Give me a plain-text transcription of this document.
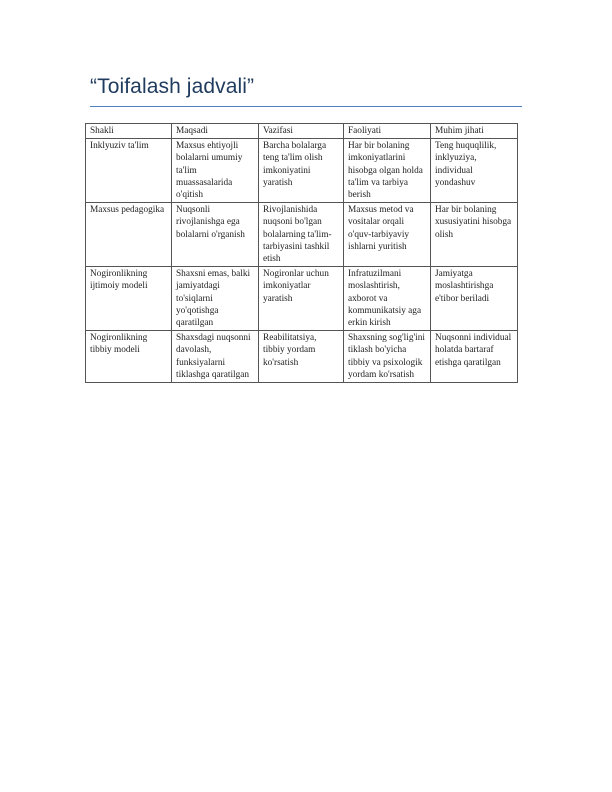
“Toifalash jadvali”
Shakli	Maqsadi	Vazifasi	Faoliyati	Muhim jihati
Inklyuziv ta'lim	Maxsus ehtiyojli bolalarni umumiy ta'lim muassasalarida o'qitish	Barcha bolalarga teng ta'lim olish imkoniyatini yaratish	Har bir bolaning imkoniyatlarini hisobga olgan holda ta'lim va tarbiya berish	Teng huquqlilik, inklyuziya, individual yondashuv
Maxsus pedagogika	Nuqsonli rivojlanishga ega bolalarni o'rganish	Rivojlanishida nuqsoni bo'lgan bolalarning ta'lim-tarbiyasini tashkil etish	Maxsus metod va vositalar orqali o'quv-tarbiyaviy ishlarni yuritish	Har bir bolaning xususiyatini hisobga olish
Nogironlikning ijtimoiy modeli	Shaxsni emas, balki jamiyatdagi to'siqlarni yo'qotishga qaratilgan	Nogironlar uchun imkoniyatlar yaratish	Infratuzilmani moslashtirish, axborot va kommunikatsiy aga erkin kirish	Jamiyatga moslashtirishga e'tibor beriladi
Nogironlikning tibbiy modeli	Shaxsdagi nuqsonni davolash, funksiyalarni tiklashga qaratilgan	Reabilitatsiya, tibbiy yordam ko'rsatish	Shaxsning sog'lig'ini tiklash bo'yicha tibbiy va psixologik yordam ko'rsatish	Nuqsonni individual holatda bartaraf etishga qaratilgan
